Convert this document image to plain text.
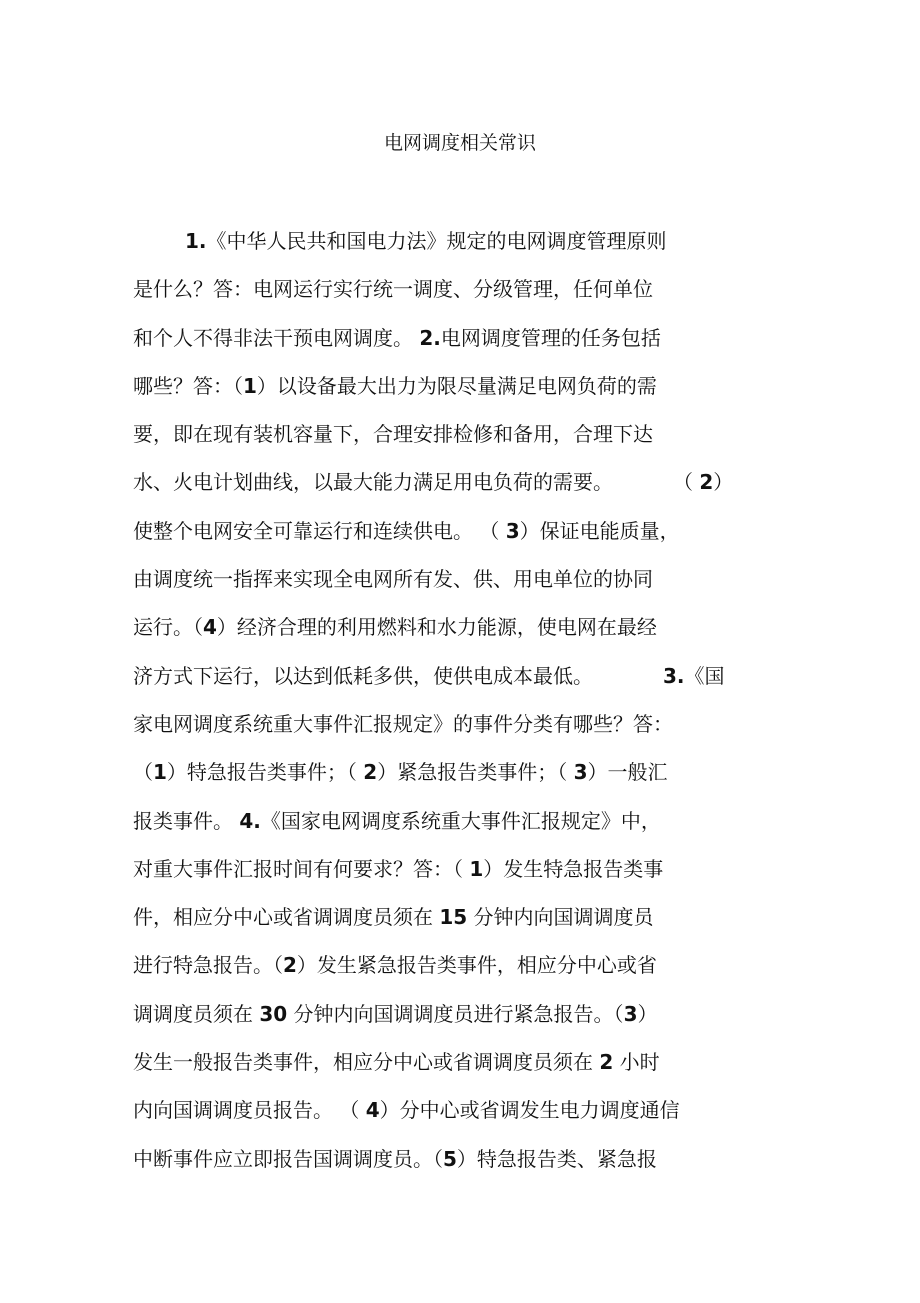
电网调度相关常识
1.《中华人民共和国电力法》规定的电网调度管理原则
是什么？答：电网运行实行统一调度、分级管理，任何单位
和个人不得非法干预电网调度。 2.电网调度管理的任务包括
哪些？答：（1）以设备最大出力为限尽量满足电网负荷的需
要，即在现有装机容量下，合理安排检修和备用，合理下达
水、火电计划曲线，以最大能力满足用电负荷的需要。　　　　（ 2）
使整个电网安全可靠运行和连续供电。 （ 3）保证电能质量，
由调度统一指挥来实现全电网所有发、供、用电单位的协同
运行。（4）经济合理的利用燃料和水力能源，使电网在最经
济方式下运行，以达到低耗多供，使供电成本最低。　　　　3.《国
家电网调度系统重大事件汇报规定》的事件分类有哪些？答：
（1）特急报告类事件；（ 2）紧急报告类事件；（ 3）一般汇
报类事件。 4.《国家电网调度系统重大事件汇报规定》中，
对重大事件汇报时间有何要求？答：（ 1）发生特急报告类事
件，相应分中心或省调调度员须在 15 分钟内向国调调度员
进行特急报告。（2）发生紧急报告类事件，相应分中心或省
调调度员须在 30 分钟内向国调调度员进行紧急报告。（3）
发生一般报告类事件，相应分中心或省调调度员须在 2 小时
内向国调调度员报告。 （ 4）分中心或省调发生电力调度通信
中断事件应立即报告国调调度员。（5）特急报告类、紧急报
